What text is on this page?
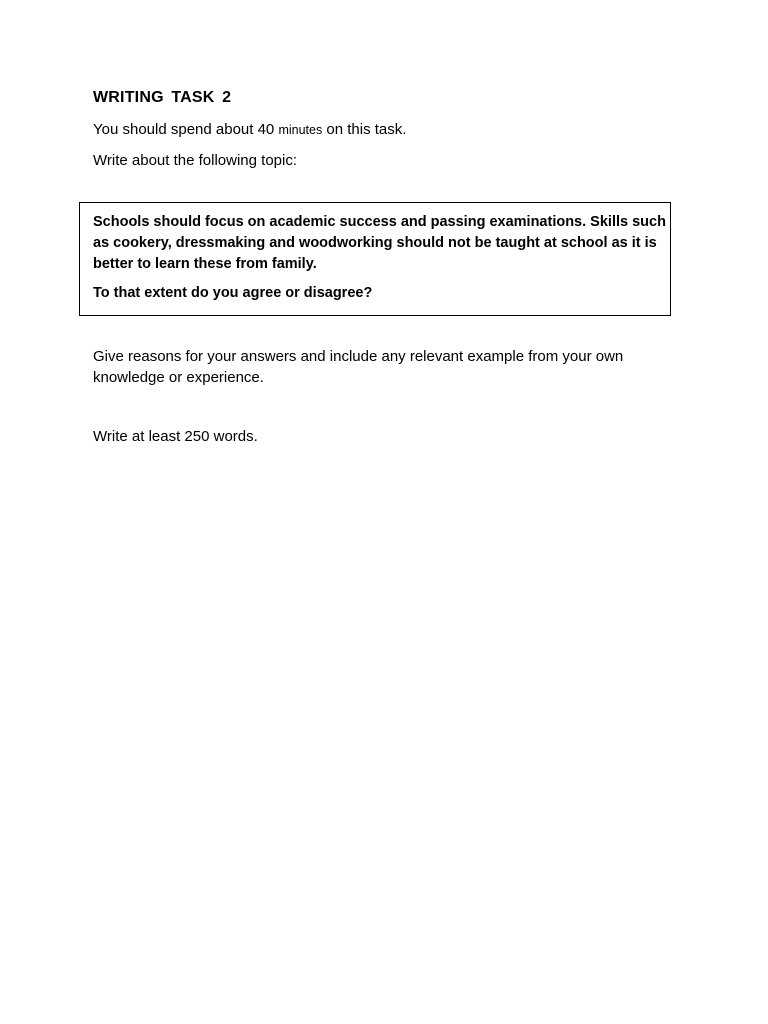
WRITING TASK 2
You should spend about 40 minutes on this task.
Write about the following topic:

Schools should focus on academic success and passing examinations. Skills such as cookery, dressmaking and woodworking should not be taught at school as it is better to learn these from family.

To that extent do you agree or disagree?

Give reasons for your answers and include any relevant example from your own knowledge or experience.

Write at least 250 words.
